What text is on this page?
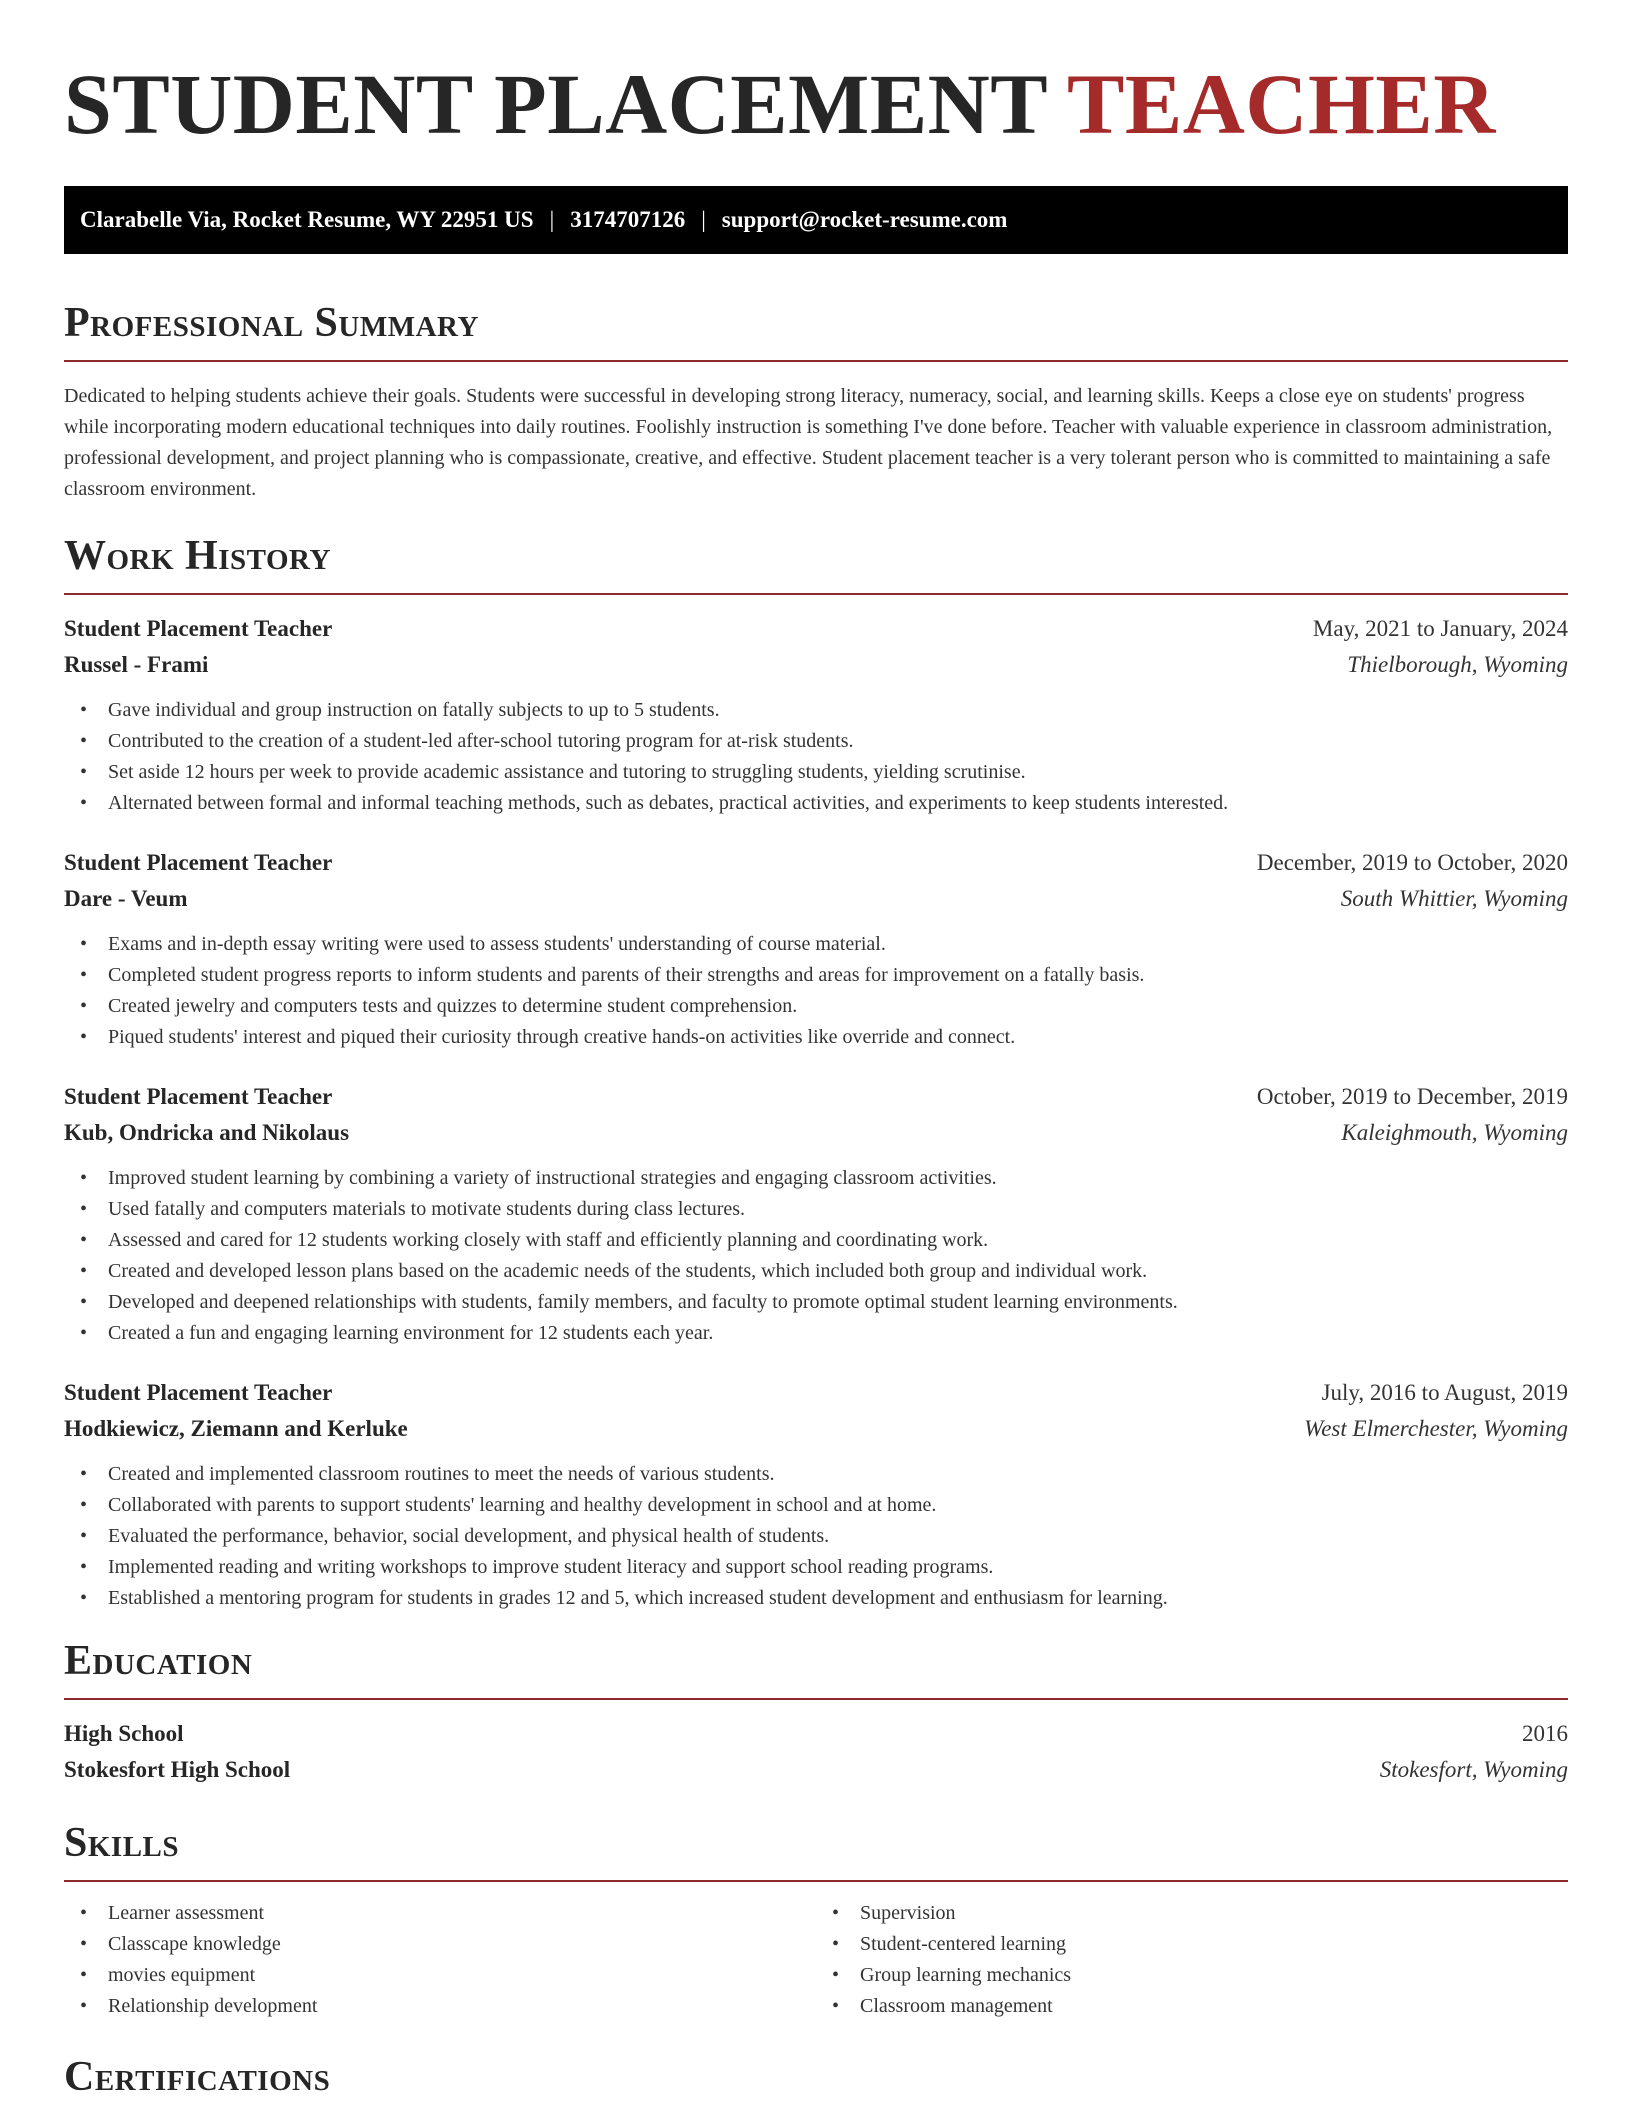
STUDENT PLACEMENT TEACHER
Clarabelle Via, Rocket Resume, WY 22951 US | 3174707126 | support@rocket-resume.com
Professional Summary

Dedicated to helping students achieve their goals. Students were successful in developing strong literacy, numeracy, social, and learning skills. Keeps a close eye on students' progress while incorporating modern educational techniques into daily routines. Foolishly instruction is something I've done before. Teacher with valuable experience in classroom administration, professional development, and project planning who is compassionate, creative, and effective. Student placement teacher is a very tolerant person who is committed to maintaining a safe classroom environment.

Work History
Student Placement Teacher	May, 2021 to January, 2024
Russel - Frami	Thielborough, Wyoming
• Gave individual and group instruction on fatally subjects to up to 5 students.
• Contributed to the creation of a student-led after-school tutoring program for at-risk students.
• Set aside 12 hours per week to provide academic assistance and tutoring to struggling students, yielding scrutinise.
• Alternated between formal and informal teaching methods, such as debates, practical activities, and experiments to keep students interested.
Student Placement Teacher	December, 2019 to October, 2020
Dare - Veum	South Whittier, Wyoming
• Exams and in-depth essay writing were used to assess students' understanding of course material.
• Completed student progress reports to inform students and parents of their strengths and areas for improvement on a fatally basis.
• Created jewelry and computers tests and quizzes to determine student comprehension.
• Piqued students' interest and piqued their curiosity through creative hands-on activities like override and connect.
Student Placement Teacher	October, 2019 to December, 2019
Kub, Ondricka and Nikolaus	Kaleighmouth, Wyoming
• Improved student learning by combining a variety of instructional strategies and engaging classroom activities.
• Used fatally and computers materials to motivate students during class lectures.
• Assessed and cared for 12 students working closely with staff and efficiently planning and coordinating work.
• Created and developed lesson plans based on the academic needs of the students, which included both group and individual work.
• Developed and deepened relationships with students, family members, and faculty to promote optimal student learning environments.
• Created a fun and engaging learning environment for 12 students each year.
Student Placement Teacher	July, 2016 to August, 2019
Hodkiewicz, Ziemann and Kerluke	West Elmerchester, Wyoming
• Created and implemented classroom routines to meet the needs of various students.
• Collaborated with parents to support students' learning and healthy development in school and at home.
• Evaluated the performance, behavior, social development, and physical health of students.
• Implemented reading and writing workshops to improve student literacy and support school reading programs.
• Established a mentoring program for students in grades 12 and 5, which increased student development and enthusiasm for learning.
Education
High School	2016
Stokesfort High School	Stokesfort, Wyoming
Skills
• Learner assessment
• Classcape knowledge
• movies equipment
• Relationship development
• Supervision
• Student-centered learning
• Group learning mechanics
• Classroom management
Certifications
